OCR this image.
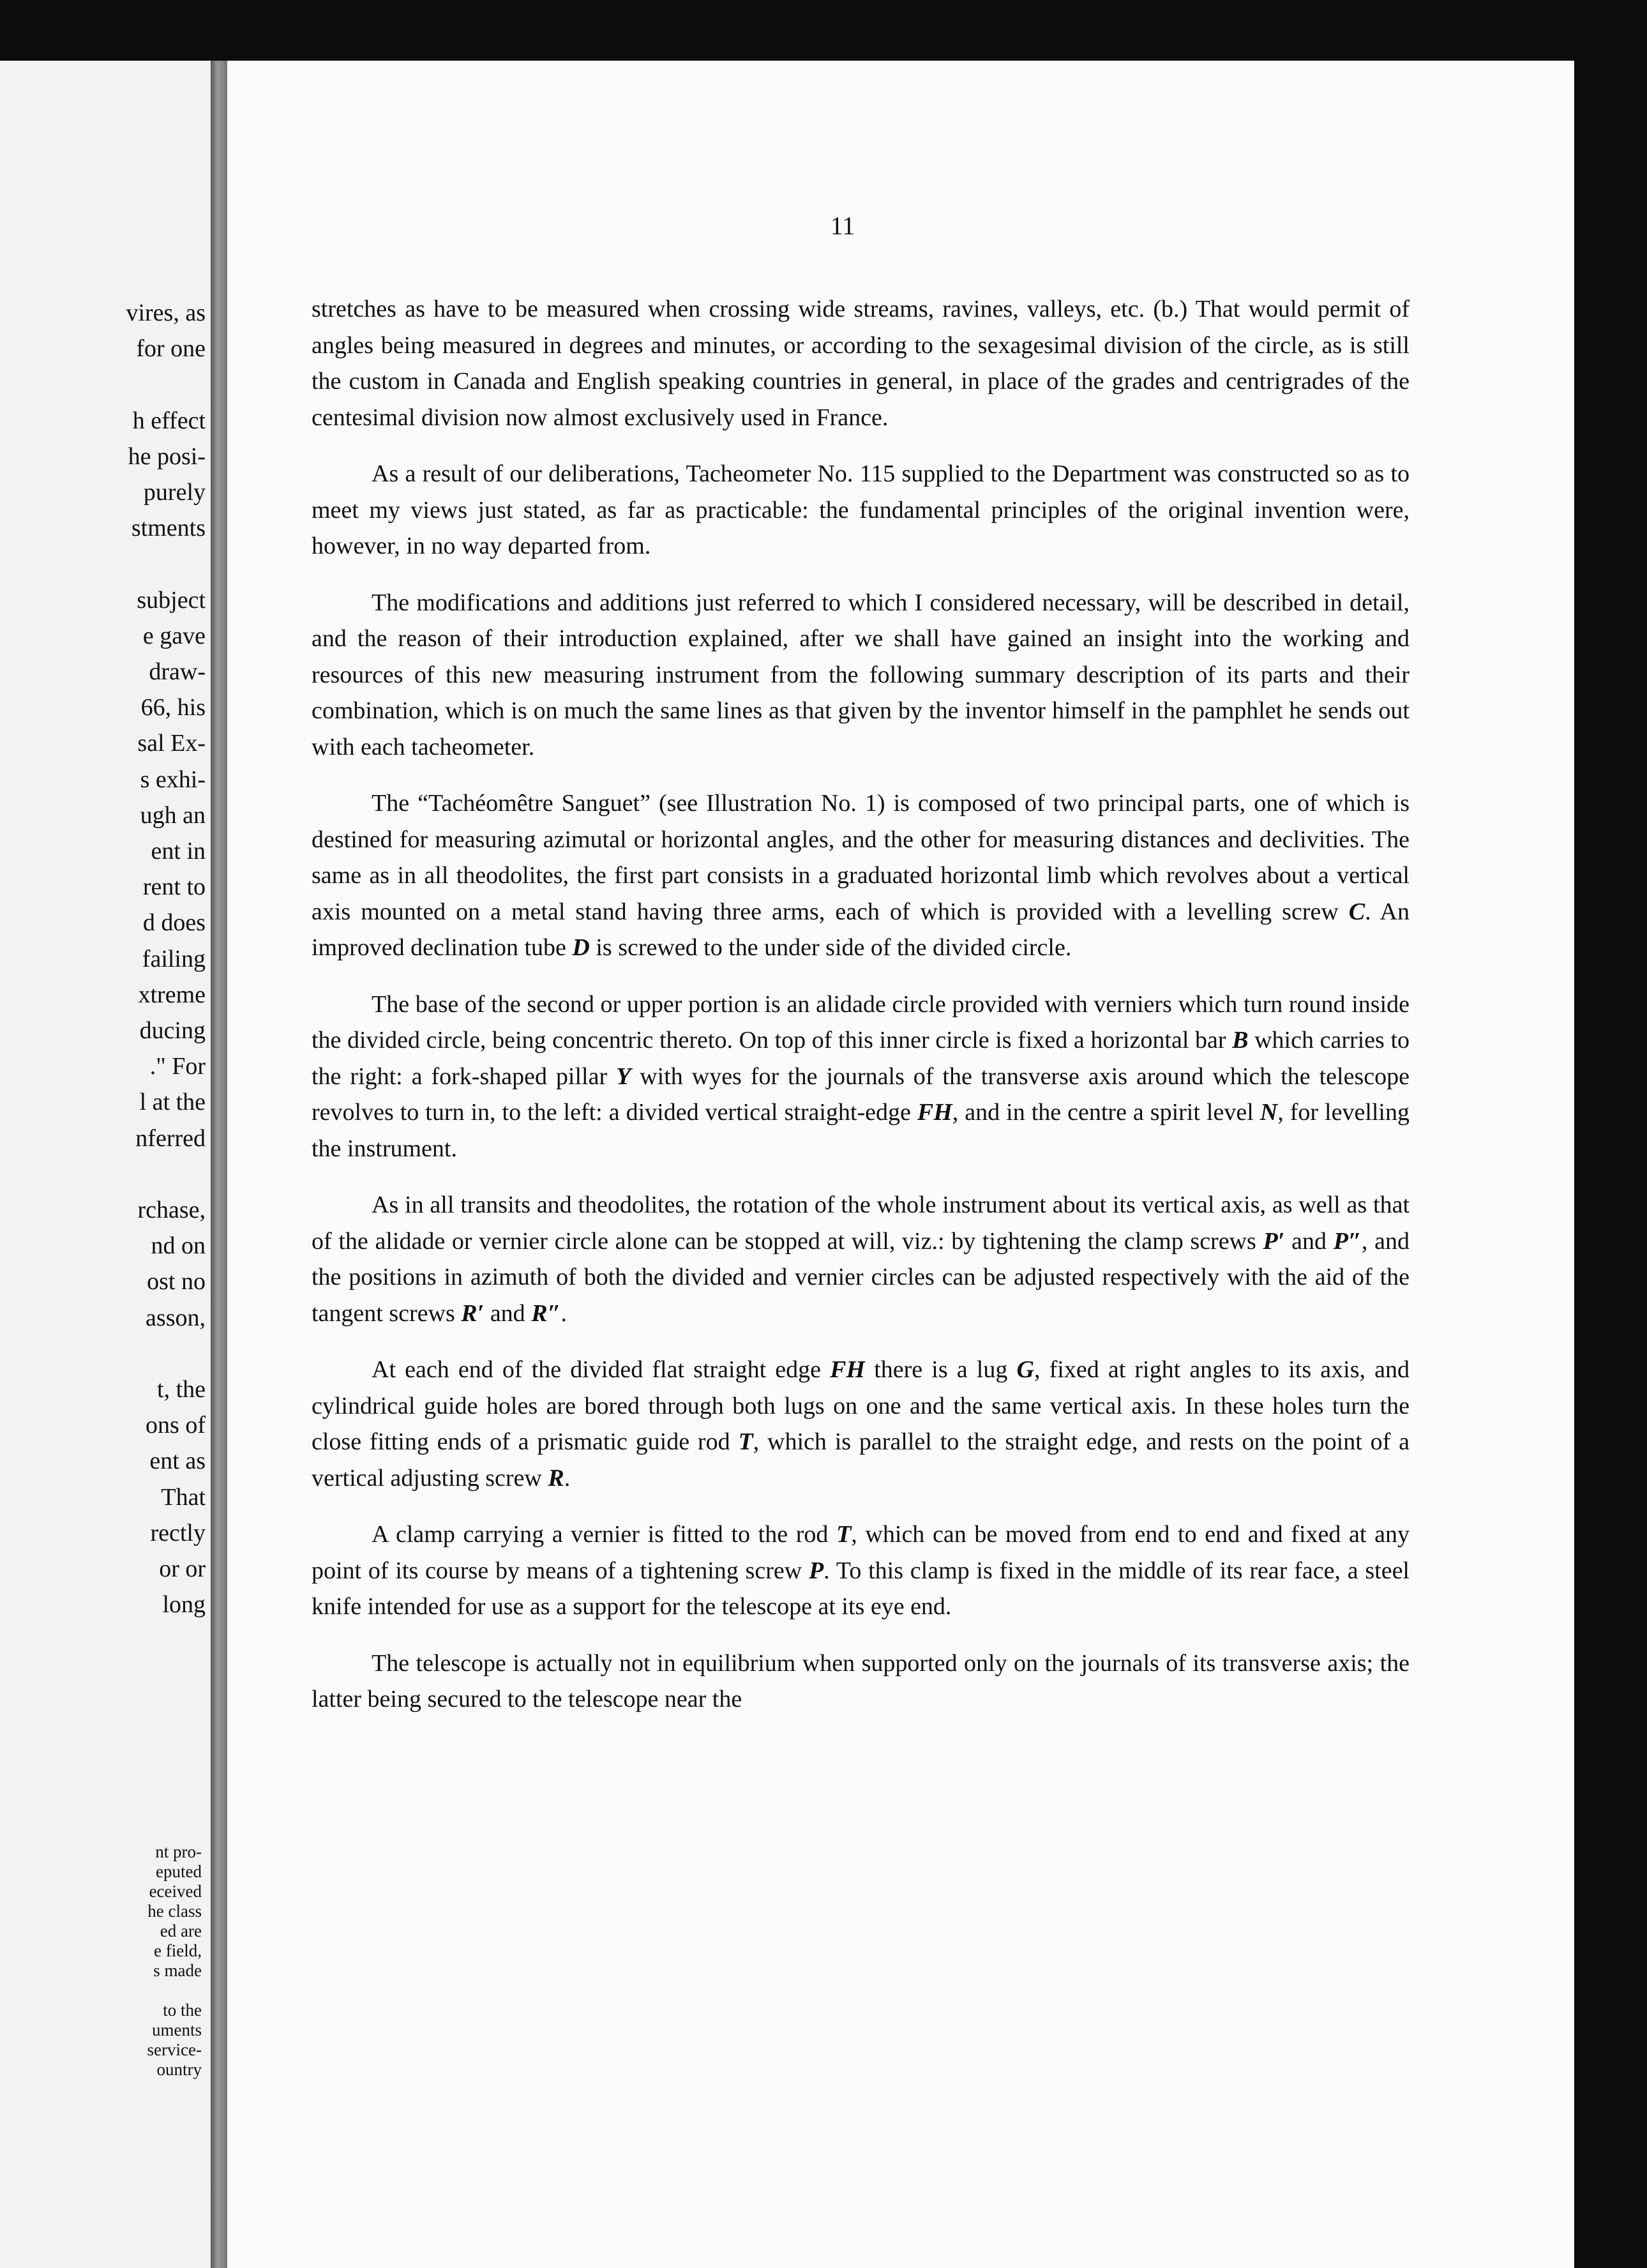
11
vires, as
for one
h effect
he posi-
purely
stments
subject
e gave
draw-
66, his
sal Ex-
s exhi-
ugh an
ent in
rent to
d does
failing
xtreme
ducing
." For
l at the
nferred
rchase,
nd on
ost no
asson,
t, the
ons of
ent as
That
rectly
or or
long
nt pro-
eputed
eceived
he class
ed are
e field,
s made
to the
uments
service-
ountry

stretches as have to be measured when crossing wide streams, ravines, valleys, etc. (b.) That would permit of angles being measured in degrees and minutes, or according to the sexagesimal division of the circle, as is still the custom in Canada and English speaking countries in general, in place of the grades and centrigrades of the centesimal division now almost exclusively used in France.

As a result of our deliberations, Tacheometer No. 115 supplied to the Department was constructed so as to meet my views just stated, as far as practicable: the fundamental principles of the original invention were, however, in no way departed from.

The modifications and additions just referred to which I considered necessary, will be described in detail, and the reason of their introduction explained, after we shall have gained an insight into the working and resources of this new measuring instrument from the following summary description of its parts and their combination, which is on much the same lines as that given by the inventor himself in the pamphlet he sends out with each tacheometer.

The “Tachéomêtre Sanguet” (see Illustration No. 1) is composed of two principal parts, one of which is destined for measuring azimutal or horizontal angles, and the other for measuring distances and declivities. The same as in all theodolites, the first part consists in a graduated horizontal limb which revolves about a vertical axis mounted on a metal stand having three arms, each of which is provided with a levelling screw C. An improved declination tube D is screwed to the under side of the divided circle.

The base of the second or upper portion is an alidade circle provided with verniers which turn round inside the divided circle, being concentric thereto. On top of this inner circle is fixed a horizontal bar B which carries to the right: a fork-shaped pillar Y with wyes for the journals of the transverse axis around which the telescope revolves to turn in, to the left: a divided vertical straight-edge FH, and in the centre a spirit level N, for levelling the instrument.

As in all transits and theodolites, the rotation of the whole instrument about its vertical axis, as well as that of the alidade or vernier circle alone can be stopped at will, viz.: by tightening the clamp screws P′ and P″, and the positions in azimuth of both the divided and vernier circles can be adjusted respectively with the aid of the tangent screws R′ and R″.

At each end of the divided flat straight edge FH there is a lug G, fixed at right angles to its axis, and cylindrical guide holes are bored through both lugs on one and the same vertical axis. In these holes turn the close fitting ends of a prismatic guide rod T, which is parallel to the straight edge, and rests on the point of a vertical adjusting screw R.

A clamp carrying a vernier is fitted to the rod T, which can be moved from end to end and fixed at any point of its course by means of a tightening screw P. To this clamp is fixed in the middle of its rear face, a steel knife intended for use as a support for the telescope at its eye end.

The telescope is actually not in equilibrium when supported only on the journals of its transverse axis; the latter being secured to the telescope near the
